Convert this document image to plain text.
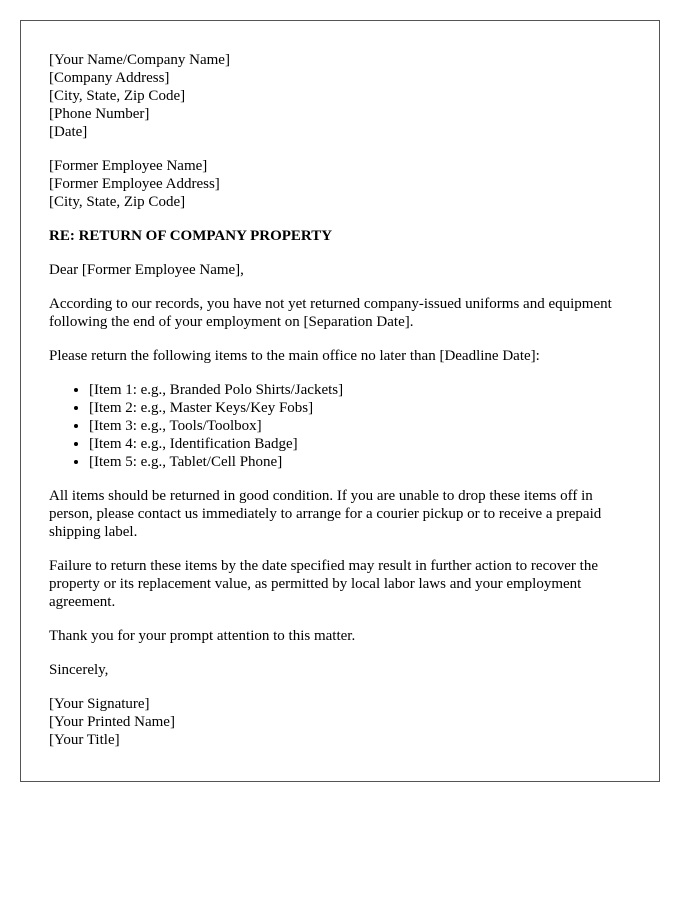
[Your Name/Company Name]

[Company Address]

[City, State, Zip Code]

[Phone Number]

[Date]

[Former Employee Name]

[Former Employee Address]

[City, State, Zip Code]

RE: RETURN OF COMPANY PROPERTY

Dear [Former Employee Name],

According to our records, you have not yet returned company-issued uniforms and equipment following the end of your employment on [Separation Date].

Please return the following items to the main office no later than [Deadline Date]:

• [Item 1: e.g., Branded Polo Shirts/Jackets]
• [Item 2: e.g., Master Keys/Key Fobs]
• [Item 3: e.g., Tools/Toolbox]
• [Item 4: e.g., Identification Badge]
• [Item 5: e.g., Tablet/Cell Phone]

All items should be returned in good condition. If you are unable to drop these items off in person, please contact us immediately to arrange for a courier pickup or to receive a prepaid shipping label.

Failure to return these items by the date specified may result in further action to recover the property or its replacement value, as permitted by local labor laws and your employment agreement.

Thank you for your prompt attention to this matter.

Sincerely,

[Your Signature]

[Your Printed Name]

[Your Title]
